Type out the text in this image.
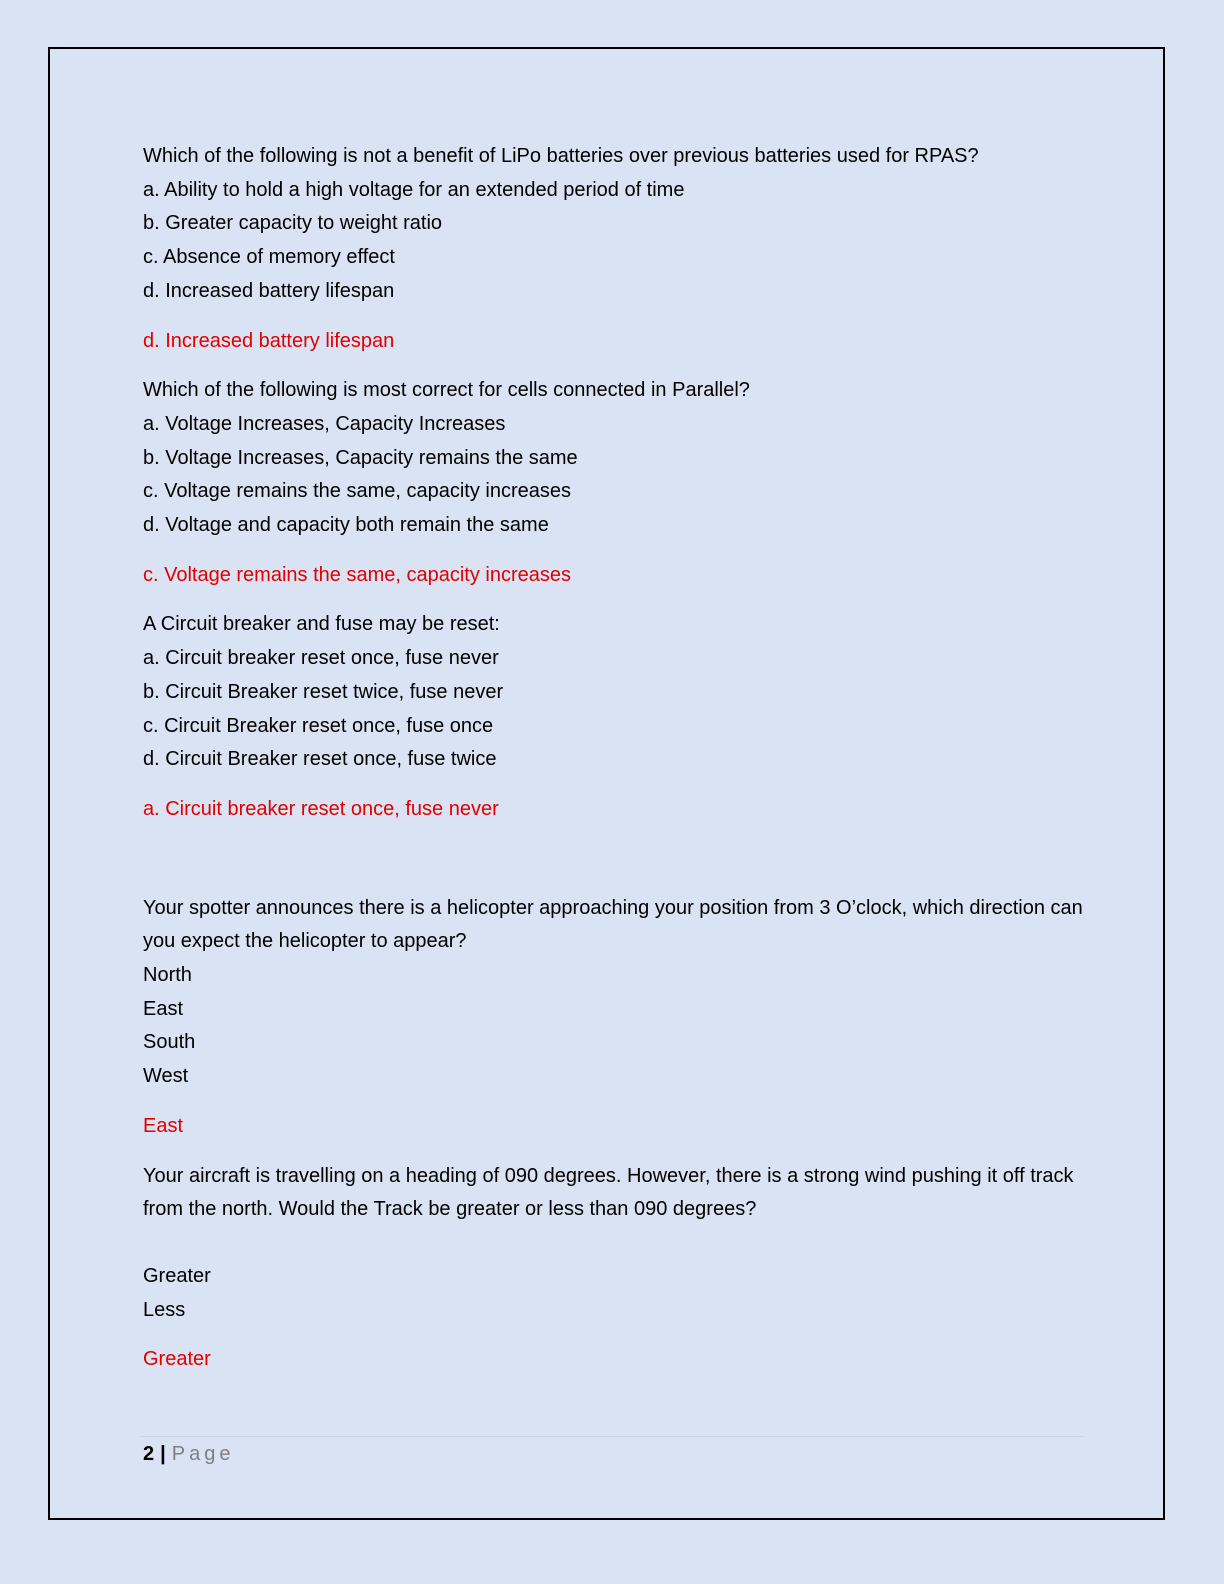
Which of the following is not a benefit of LiPo batteries over previous batteries used for RPAS?

a. Ability to hold a high voltage for an extended period of time

b. Greater capacity to weight ratio

c. Absence of memory effect

d. Increased battery lifespan

d. Increased battery lifespan

Which of the following is most correct for cells connected in Parallel?

a. Voltage Increases, Capacity Increases

b. Voltage Increases, Capacity remains the same

c. Voltage remains the same, capacity increases

d. Voltage and capacity both remain the same

c. Voltage remains the same, capacity increases

A Circuit breaker and fuse may be reset:

a. Circuit breaker reset once, fuse never

b. Circuit Breaker reset twice, fuse never

c. Circuit Breaker reset once, fuse once

d. Circuit Breaker reset once, fuse twice

a. Circuit breaker reset once, fuse never

Your spotter announces there is a helicopter approaching your position from 3 O’clock, which direction can you expect the helicopter to appear?

North

East

South

West

East

Your aircraft is travelling on a heading of 090 degrees. However, there is a strong wind pushing it off track from the north. Would the Track be greater or less than 090 degrees?

Greater

Less

Greater

2 | Page
